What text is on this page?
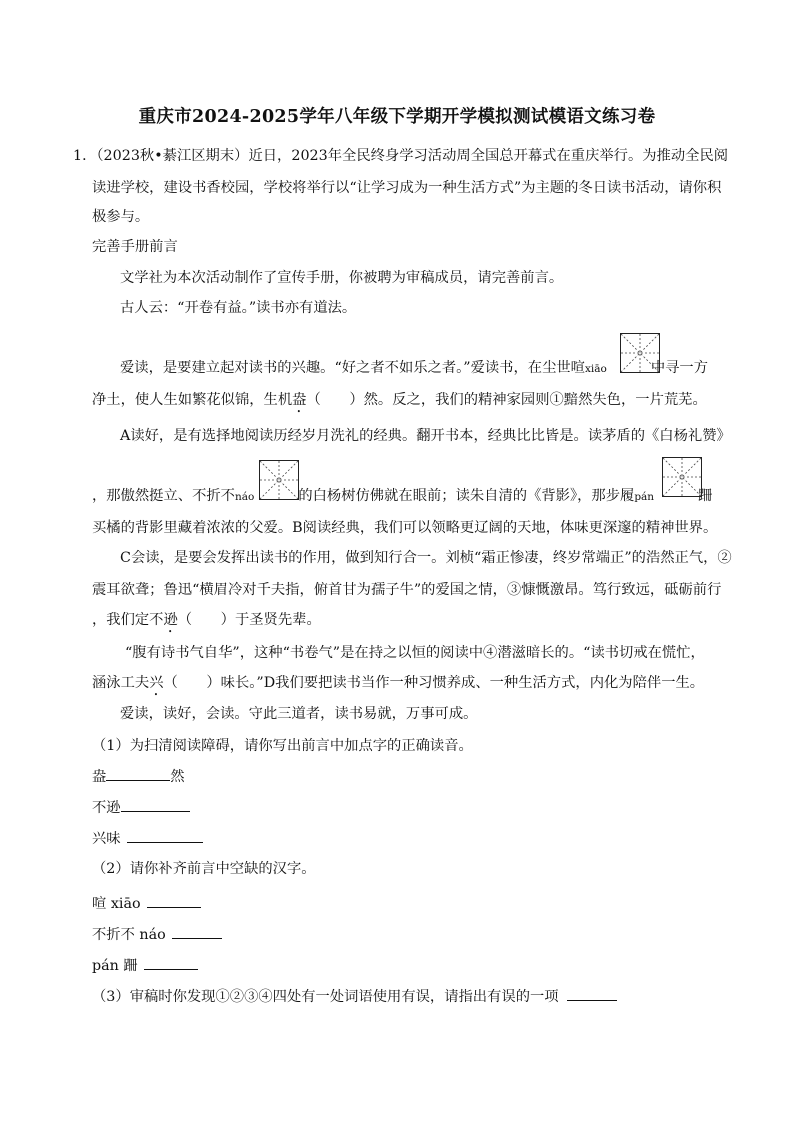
重庆市2024-2025学年八年级下学期开学模拟测试模语文练习卷
1．（2023秋•綦江区期末）近日，2023年全民终身学习活动周全国总开幕式在重庆举行。为推动全民阅
读进学校，建设书香校园，学校将举行以“让学习成为一种生活方式”为主题的冬日读书活动，请你积
极参与。
完善手册前言
文学社为本次活动制作了宣传手册，你被聘为审稿成员，请完善前言。
古人云：“开卷有益。”读书亦有道法。
爱读，是要建立起对读书的兴趣。“好之者不如乐之者。”爱读书，在尘世喧xiāo	中寻一方
净土，使人生如繁花似锦，生机盎（　　）然。反之，我们的精神家园则①黯然失色，一片荒芜。
A读好，是有选择地阅读历经岁月洗礼的经典。翻开书本，经典比比皆是。读茅盾的《白杨礼赞》
，那傲然挺立、不折不náo	的白杨树仿佛就在眼前；读朱自清的《背影》，那步履pán	跚
买橘的背影里藏着浓浓的父爱。B阅读经典，我们可以领略更辽阔的天地，体味更深邃的精神世界。
C会读，是要会发挥出读书的作用，做到知行合一。刘桢“霜正惨凄，终岁常端正”的浩然正气，②
震耳欲聋；鲁迅“横眉冷对千夫指，俯首甘为孺子牛”的爱国之情，③慷慨激昂。笃行致远，砥砺前行
，我们定不逊（　　）于圣贤先辈。
“腹有诗书气自华”，这种“书卷气”是在持之以恒的阅读中④潜滋暗长的。“读书切戒在慌忙，
涵泳工夫兴（　　）味长。”D我们要把读书当作一种习惯养成、一种生活方式，内化为陪伴一生。
爱读，读好，会读。守此三道者，读书易就，万事可成。
（1）为扫清阅读障碍，请你写出前言中加点字的正确读音。
盎	然
不逊
兴味
（2）请你补齐前言中空缺的汉字。
喧 xiāo
不折不 náo
pán 跚
（3）审稿时你发现①②③④四处有一处词语使用有误，请指出有误的一项
